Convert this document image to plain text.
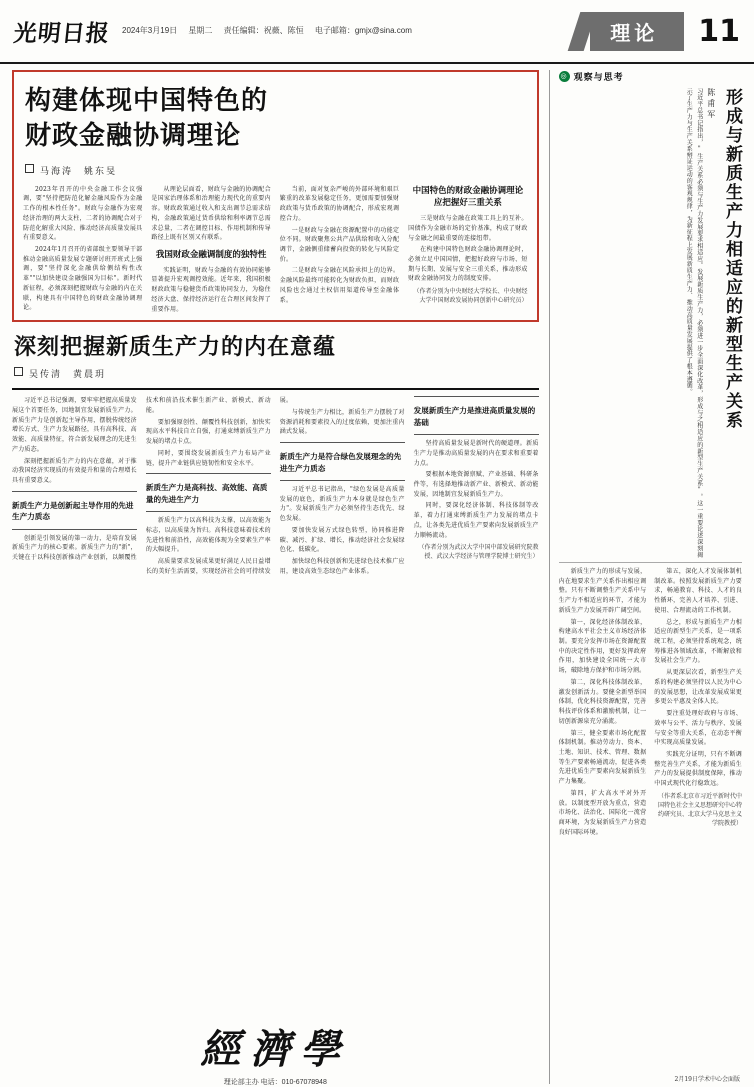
光明日报 2024年3月19日 星期二 责任编辑：祝薇、陈恒 电子邮箱：gmjx@sina.com	理论	11
构建体现中国特色的
财政金融协调理论
马海涛　姚东旻

2023年召开的中央金融工作会议强调，要"坚持把防范化解金融风险作为金融工作的根本性任务"。财政与金融作为宏观经济治理的两大支柱，二者的协调配合对于防范化解重大风险、推动经济高质量发展具有重要意义。

2024年1月召开的省部级主要领导干部推动金融高质量发展专题研讨班开班式上强调，要"坚持深化金融供给侧结构性改革""以加快建设金融强国为目标"。新时代新征程，必须深刻把握财政与金融的内在关联，构建具有中国特色的财政金融协调理论。

从理论层面看，财政与金融的协调配合是国家治理体系和治理能力现代化的重要内容。财政政策通过收入和支出调节总需求结构，金融政策通过货币供给和利率调节总需求总量，二者在调控目标、作用机制和传导路径上既有区别又有联系。

我国财政金融调制度的独特性

实践证明，财政与金融的有效协同能够显著提升宏观调控效能。近年来，我国积极财政政策与稳健货币政策协同发力，为稳住经济大盘、保持经济运行在合理区间发挥了重要作用。

当前，面对复杂严峻的外部环境和艰巨繁重的改革发展稳定任务，更加需要加强财政政策与货币政策的协调配合，形成宏观调控合力。

一是财政与金融在资源配置中的功能定位不同。财政聚焦公共产品供给和收入分配调节，金融侧重储蓄向投资的转化与风险定价。

二是财政与金融在风险承担上的边界。金融风险最终可能转化为财政负担，而财政风险也会通过主权信用渠道传导至金融体系。

中国特色的财政金融协调理论应把握好三重关系

三是财政与金融在政策工具上的互补。国债作为金融市场的定价基准，构成了财政与金融之间最重要的连接纽带。

在构建中国特色财政金融协调理论时，必须立足中国国情，把握好政府与市场、短期与长期、发展与安全三重关系，推动形成财政金融协同发力的制度安排。

（作者分别为中央财经大学校长、中央财经大学中国财政发展协同创新中心研究员）

深刻把握新质生产力的内在意蕴
吴传清　黄晨玥

习近平总书记强调，要牢牢把握高质量发展这个首要任务，因地制宜发展新质生产力。新质生产力是创新起主导作用，摆脱传统经济增长方式、生产力发展路径，具有高科技、高效能、高质量特征，符合新发展理念的先进生产力质态。

深刻把握新质生产力的内在意蕴，对于推动我国经济实现质的有效提升和量的合理增长具有重要意义。

新质生产力是创新起主导作用的先进生产力质态

创新是引领发展的第一动力，是培育发展新质生产力的核心要素。新质生产力的"新"，关键在于以科技创新推动产业创新，以颠覆性技术和前沿技术催生新产业、新模式、新动能。

要加强原创性、颠覆性科技创新，加快实现高水平科技自立自强，打通束缚新质生产力发展的堵点卡点。

同时，要围绕发展新质生产力布局产业链，提升产业链供应链韧性和安全水平。

新质生产力是高科技、高效能、高质量的先进生产力

新质生产力以高科技为支撑，以高效能为标志，以高质量为旨归。高科技意味着技术的先进性和前沿性，高效能体现为全要素生产率的大幅提升。

高质量要求发展成果更好满足人民日益增长的美好生活需要，实现经济社会的可持续发展。

与传统生产力相比，新质生产力摆脱了对资源消耗和要素投入的过度依赖，更加注重内涵式发展。

新质生产力是符合绿色发展理念的先进生产力质态

习近平总书记指出，"绿色发展是高质量发展的底色，新质生产力本身就是绿色生产力"。发展新质生产力必须坚持生态优先、绿色发展。

要加快发展方式绿色转型，协同推进降碳、减污、扩绿、增长，推动经济社会发展绿色化、低碳化。

加快绿色科技创新和先进绿色技术推广应用，建设高效生态绿色产业体系。

发展新质生产力是推进高质量发展的基础

坚持高质量发展是新时代的硬道理。新质生产力是推动高质量发展的内在要求和重要着力点。

要根据本地资源禀赋、产业基础、科研条件等，有选择地推动新产业、新模式、新动能发展，因地制宜发展新质生产力。

同时，要深化经济体制、科技体制等改革，着力打通束缚新质生产力发展的堵点卡点，让各类先进优质生产要素向发展新质生产力顺畅流动。

（作者分别为武汉大学中国中部发展研究院教授、武汉大学经济与管理学院博士研究生）

經濟學
理论部主办 电话：010-67078948
◎ 观察与思考
形成与新质生产力相适应的新型生产关系
陈甫军
习近平总书记指出，"生产关系必须与生产力发展要求相适应。发展新质生产力，必须进一步全面深化改革，形成与之相适应的新型生产关系"。这一重要论述深刻揭示了生产力与生产关系辩证运动的客观规律，为新征程上发展新质生产力、推动高质量发展提供了根本遵循。

新质生产力的形成与发展，内在地要求生产关系作出相应调整。只有不断调整生产关系中与生产力不相适应的环节，才能为新质生产力发展开辟广阔空间。

第一，深化经济体制改革，构建高水平社会主义市场经济体制。要充分发挥市场在资源配置中的决定性作用，更好发挥政府作用，加快建设全国统一大市场，破除地方保护和市场分割。

第二，深化科技体制改革，激发创新活力。要健全新型举国体制，优化科技资源配置，完善科技评价体系和激励机制，让一切创新源泉充分涌流。

第三，健全要素市场化配置体制机制。推动劳动力、资本、土地、知识、技术、管理、数据等生产要素畅通流动，促进各类先进优质生产要素向发展新质生产力集聚。

第四，扩大高水平对外开放。以制度型开放为重点，营造市场化、法治化、国际化一流营商环境，为发展新质生产力营造良好国际环境。

第五，深化人才发展体制机制改革。按照发展新质生产力要求，畅通教育、科技、人才的良性循环，完善人才培养、引进、使用、合理流动的工作机制。

总之，形成与新质生产力相适应的新型生产关系，是一项系统工程，必须坚持系统观念，统筹推进各领域改革，不断解放和发展社会生产力。

从更深层次看，新型生产关系的构建必须坚持以人民为中心的发展思想，让改革发展成果更多更公平惠及全体人民。

要注重处理好政府与市场、效率与公平、活力与秩序、发展与安全等重大关系，在动态平衡中实现高质量发展。

实践充分证明，只有不断调整完善生产关系，才能为新质生产力的发展提供制度保障，推动中国式现代化行稳致远。

（作者系北京市习近平新时代中国特色社会主义思想研究中心特约研究员、北京大学马克思主义学院教授）

2月19日学术中心会面版
